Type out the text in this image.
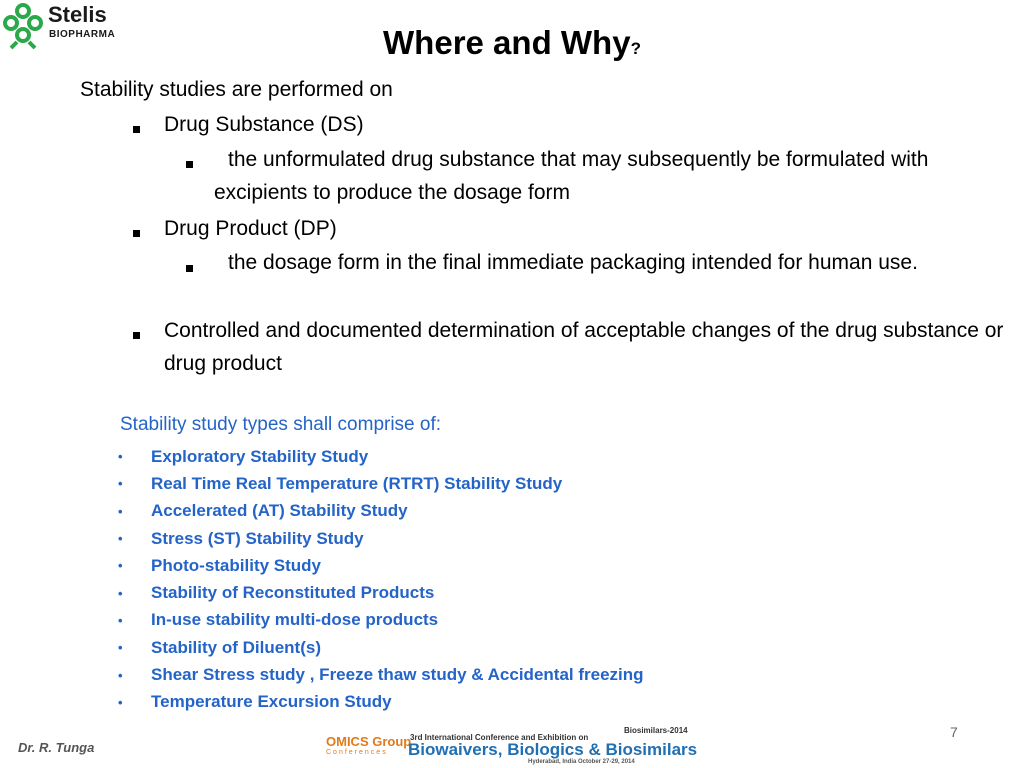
Stelis
BIOPHARMA	Where and Why?
Stability studies are performed on
Drug Substance (DS)
the unformulated drug substance that may subsequently be formulated with excipients to produce the dosage form
Drug Product (DP)
the dosage form in the final immediate packaging intended for human use.
Controlled and documented determination of acceptable changes of the drug substance or drug product
Stability study types shall comprise of:
•	Exploratory Stability Study
•	Real Time Real Temperature (RTRT) Stability Study
•	Accelerated (AT) Stability Study
•	Stress (ST) Stability Study
•	Photo-stability Study
•	Stability of Reconstituted Products
•	In-use stability multi-dose products
•	Stability of Diluent(s)
•	Shear Stress study , Freeze thaw study & Accidental freezing
•	Temperature Excursion Study
7
Dr. R. Tunga	OMICS Group
Conferences
3rd International Conference and Exhibition on
Biosimilars-2014
Biowaivers, Biologics & Biosimilars
Hyderabad, India October 27-29, 2014
